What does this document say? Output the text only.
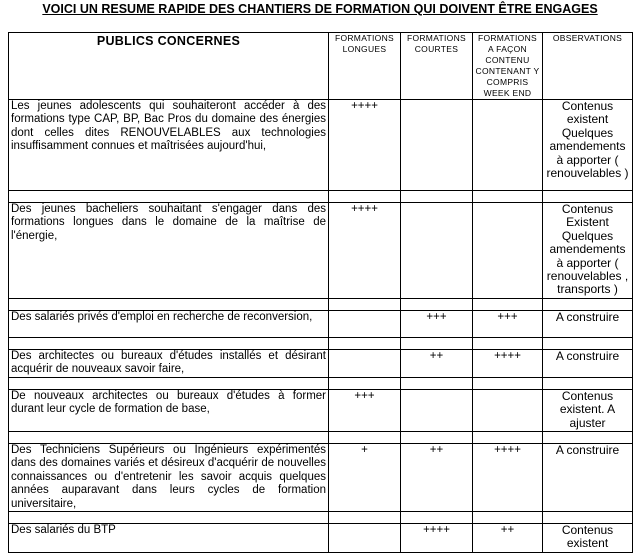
VOICI UN RESUME RAPIDE DES CHANTIERS DE FORMATION QUI DOIVENT ÊTRE ENGAGES
PUBLICS CONCERNES	FORMATIONS LONGUES	FORMATIONS COURTES	FORMATIONS A FAÇON CONTENU CONTENANT Y COMPRIS WEEK END	OBSERVATIONS
Les jeunes adolescents qui souhaiteront accéder à des formations type CAP, BP, Bac Pros du domaine des énergies dont celles dites RENOUVELABLES aux technologies insuffisamment connues et maîtrisées aujourd'hui,	++++			Contenus existent Quelques amendements à apporter ( renouvelables )

Des jeunes bacheliers souhaitant s'engager dans des formations longues dans le domaine de la maîtrise de l'énergie,	++++			Contenus Existent Quelques amendements à apporter ( renouvelables , transports )

Des salariés privés d'emploi en recherche de reconversion,		+++	+++	A construire

Des architectes ou bureaux d'études installés et désirant acquérir de nouveaux savoir faire,		++	++++	A construire

De nouveaux architectes ou bureaux d'études à former durant leur cycle de formation de base,	+++			Contenus existent. A ajuster

Des Techniciens Supérieurs ou Ingénieurs expérimentés dans des domaines variés et désireux d'acquérir de nouvelles connaissances ou d'entretenir les savoir acquis quelques années auparavant dans leurs cycles de formation universitaire,	+	++	++++	A construire

Des salariés du BTP		++++	++	Contenus existent
